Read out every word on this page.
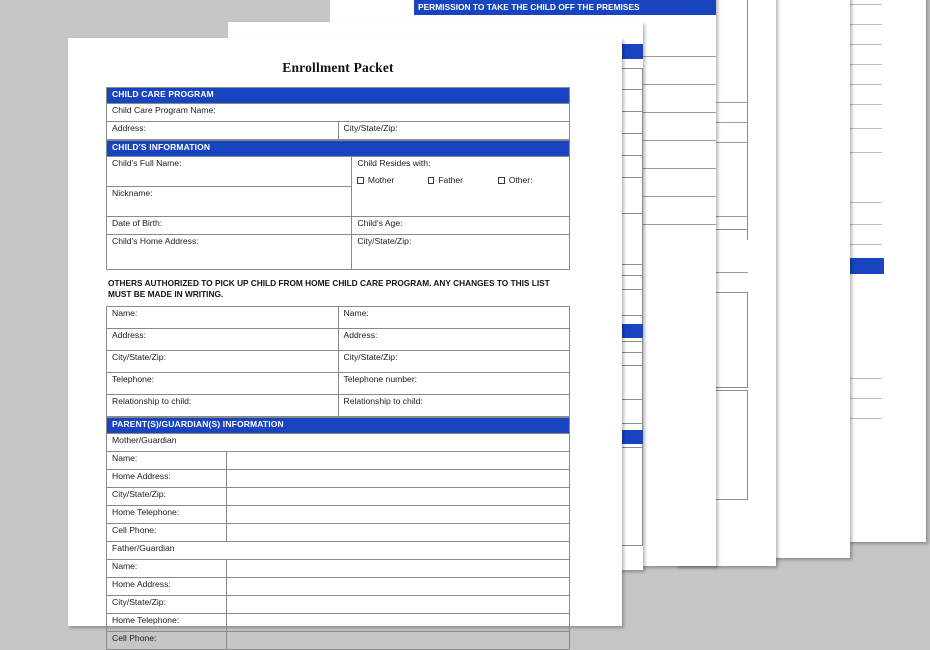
PERMISSION TO TAKE THE CHILD OFF THE PREMISES
Enrollment Packet
CHILD CARE PROGRAM
Child Care Program Name:
Address:	City/State/Zip:
CHILD'S INFORMATION	
Child's Full Name:	Child Resides with:
Mother Father Other:

Nickname:	
Date of Birth:	Child's Age:
Child's Home Address:	City/State/Zip:

OTHERS AUTHORIZED TO PICK UP CHILD FROM HOME CHILD CARE PROGRAM. ANY CHANGES TO THIS LIST MUST BE MADE IN WRITING.

Name:	Name:
Address:	Address:
City/State/Zip:	City/State/Zip:
Telephone:	Telephone number:
Relationship to child:	Relationship to child:
PARENT(S)/GUARDIAN(S) INFORMATION	
Mother/Guardian	
Name:	
Home Address:	
City/State/Zip:	
Home Telephone:	
Cell Phone:	
Father/Guardian	
Name:	
Home Address:	
City/State/Zip:	
Home Telephone:	
Cell Phone:	
